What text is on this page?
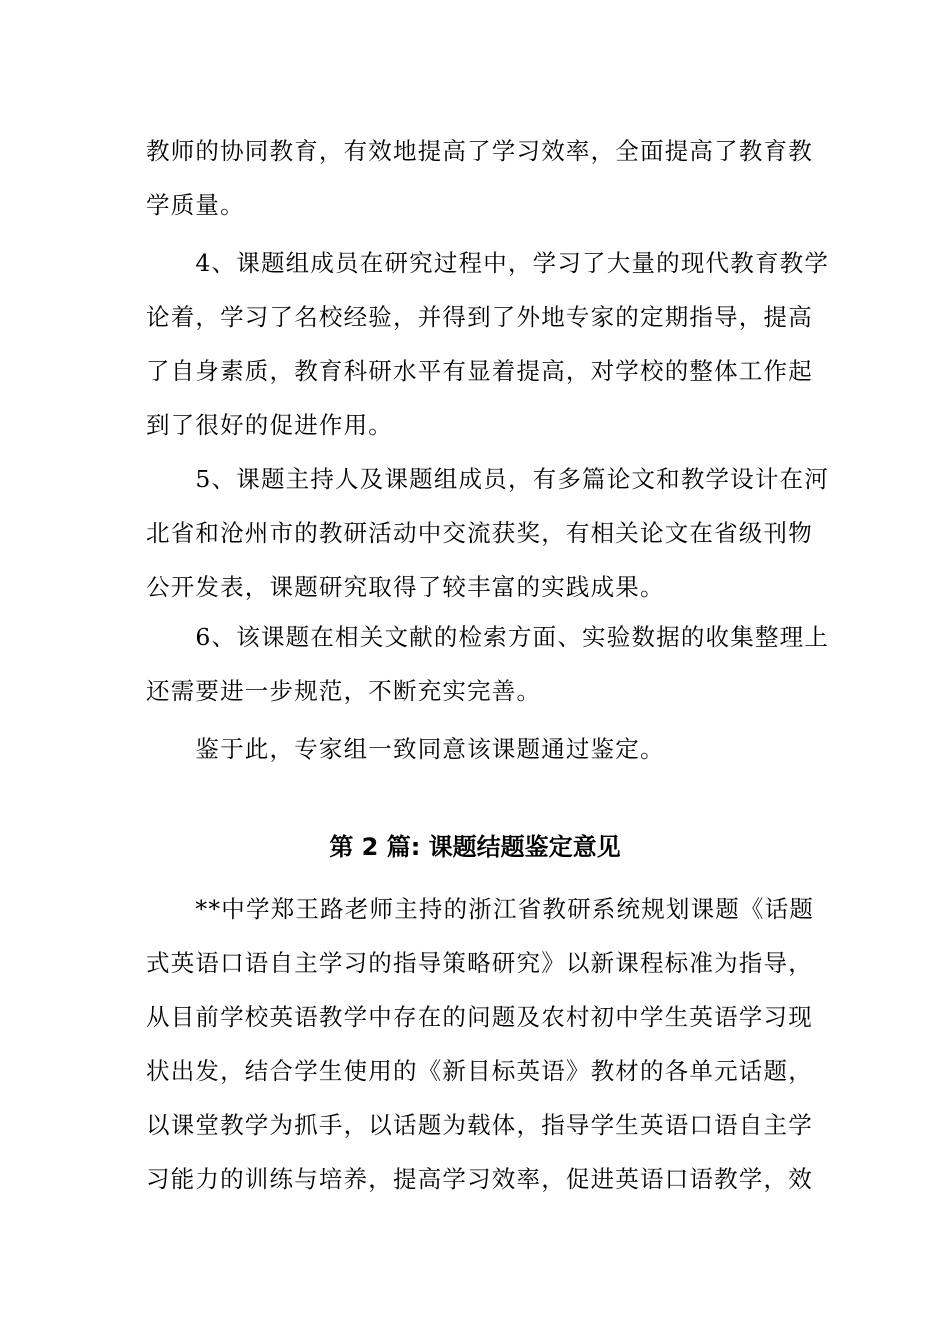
教师的协同教育，有效地提高了学习效率，全面提高了教育教
学质量。
　　4、课题组成员在研究过程中，学习了大量的现代教育教学
论着，学习了名校经验，并得到了外地专家的定期指导，提高
了自身素质，教育科研水平有显着提高，对学校的整体工作起
到了很好的促进作用。
　　5、课题主持人及课题组成员，有多篇论文和教学设计在河
北省和沧州市的教研活动中交流获奖，有相关论文在省级刊物
公开发表，课题研究取得了较丰富的实践成果。
　　6、该课题在相关文献的检索方面、实验数据的收集整理上
还需要进一步规范，不断充实完善。
　　鉴于此，专家组一致同意该课题通过鉴定。
第 2 篇: 课题结题鉴定意见
　　**中学郑王路老师主持的浙江省教研系统规划课题《话题
式英语口语自主学习的指导策略研究》以新课程标准为指导，
从目前学校英语教学中存在的问题及农村初中学生英语学习现
状出发，结合学生使用的《新目标英语》教材的各单元话题，
以课堂教学为抓手，以话题为载体，指导学生英语口语自主学
习能力的训练与培养，提高学习效率，促进英语口语教学，效
